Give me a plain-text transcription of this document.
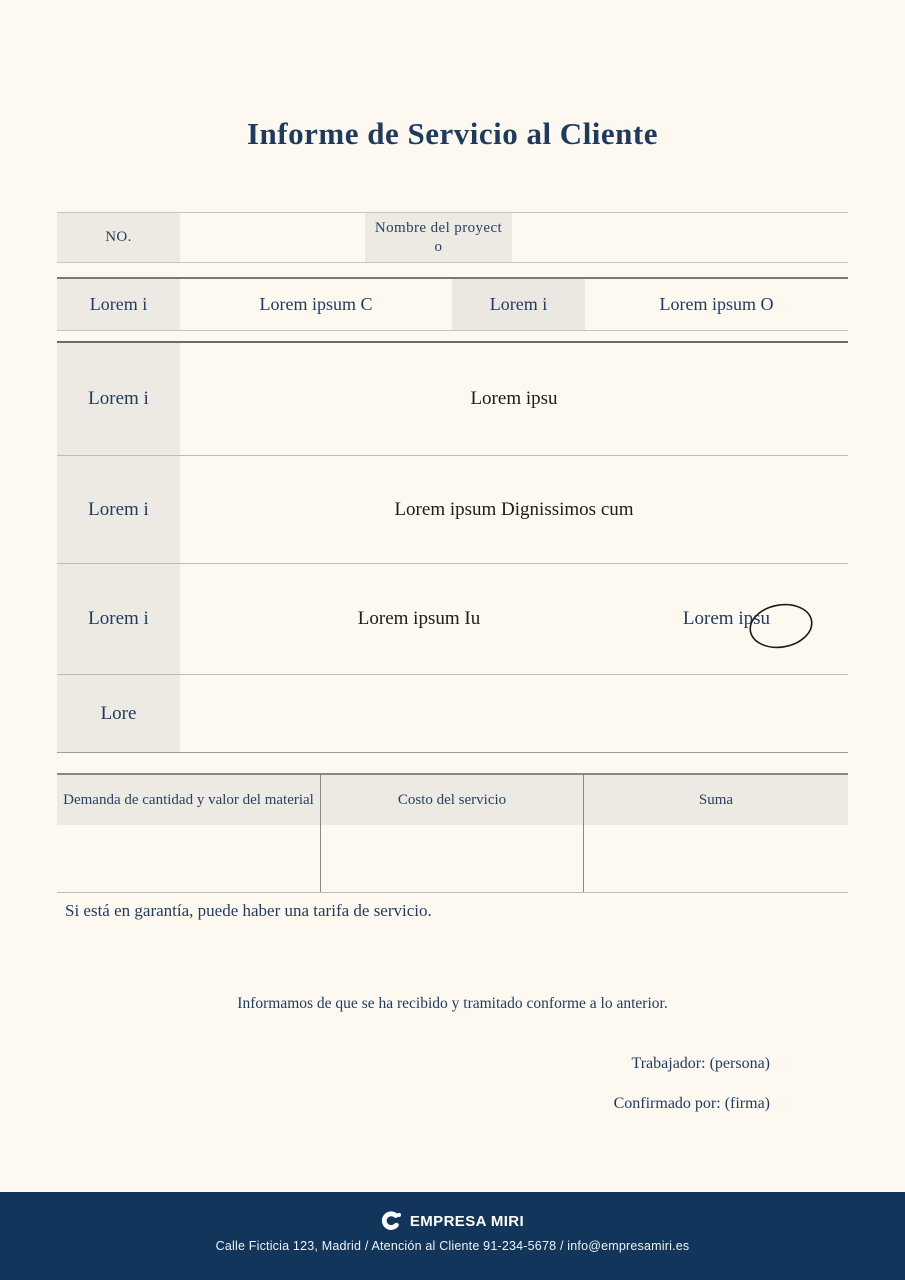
Informe de Servicio al Cliente
NO.
Nombre del proyecto
Lorem i	Lorem ipsum C	Lorem i	Lorem ipsum O
Lorem i	Lorem ipsu
Lorem i	Lorem ipsum Dignissimos cum
Lorem i	Lorem ipsum Iu	Lorem ipsu
Lore
Demanda de cantidad y valor del material	Costo del servicio	Suma
Si está en garantía, puede haber una tarifa de servicio.
Informamos de que se ha recibido y tramitado conforme a lo anterior.
Trabajador: (persona)
Confirmado por: (firma)
EMPRESA MIRI
Calle Ficticia 123, Madrid / Atención al Cliente 91-234-5678 / info@empresamiri.es
